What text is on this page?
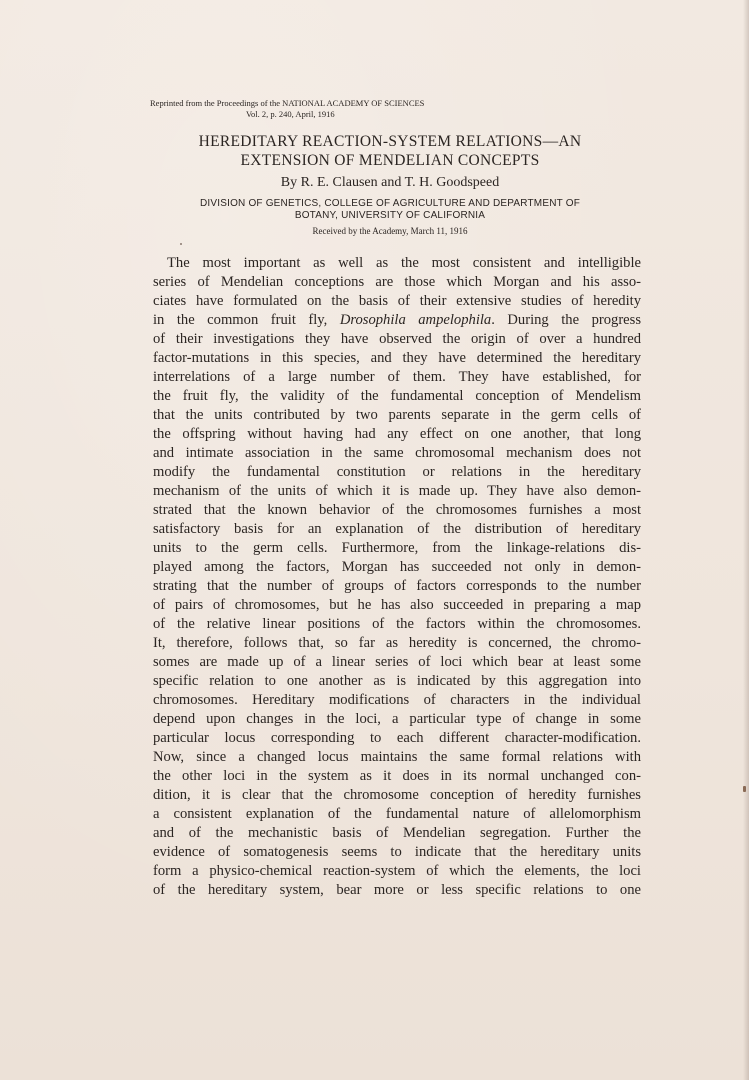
Reprinted from the Proceedings of the NATIONAL ACADEMY OF SCIENCES
Vol. 2, p. 240, April, 1916
HEREDITARY REACTION-SYSTEM RELATIONS—AN
EXTENSION OF MENDELIAN CONCEPTS
By R. E. Clausen and T. H. Goodspeed
DIVISION OF GENETICS, COLLEGE OF AGRICULTURE AND DEPARTMENT OF
BOTANY, UNIVERSITY OF CALIFORNIA
Received by the Academy, March 11, 1916
The most important as well as the most consistent and intelligible
series of Mendelian conceptions are those which Morgan and his asso-
ciates have formulated on the basis of their extensive studies of heredity
in the common fruit fly, Drosophila ampelophila. During the progress
of their investigations they have observed the origin of over a hundred
factor-mutations in this species, and they have determined the hereditary
interrelations of a large number of them. They have established, for
the fruit fly, the validity of the fundamental conception of Mendelism
that the units contributed by two parents separate in the germ cells of
the offspring without having had any effect on one another, that long
and intimate association in the same chromosomal mechanism does not
modify the fundamental constitution or relations in the hereditary
mechanism of the units of which it is made up. They have also demon-
strated that the known behavior of the chromosomes furnishes a most
satisfactory basis for an explanation of the distribution of hereditary
units to the germ cells. Furthermore, from the linkage-relations dis-
played among the factors, Morgan has succeeded not only in demon-
strating that the number of groups of factors corresponds to the number
of pairs of chromosomes, but he has also succeeded in preparing a map
of the relative linear positions of the factors within the chromosomes.
It, therefore, follows that, so far as heredity is concerned, the chromo-
somes are made up of a linear series of loci which bear at least some
specific relation to one another as is indicated by this aggregation into
chromosomes. Hereditary modifications of characters in the individual
depend upon changes in the loci, a particular type of change in some
particular locus corresponding to each different character-modification.
Now, since a changed locus maintains the same formal relations with
the other loci in the system as it does in its normal unchanged con-
dition, it is clear that the chromosome conception of heredity furnishes
a consistent explanation of the fundamental nature of allelomorphism
and of the mechanistic basis of Mendelian segregation. Further the
evidence of somatogenesis seems to indicate that the hereditary units
form a physico-chemical reaction-system of which the elements, the loci
of the hereditary system, bear more or less specific relations to one
